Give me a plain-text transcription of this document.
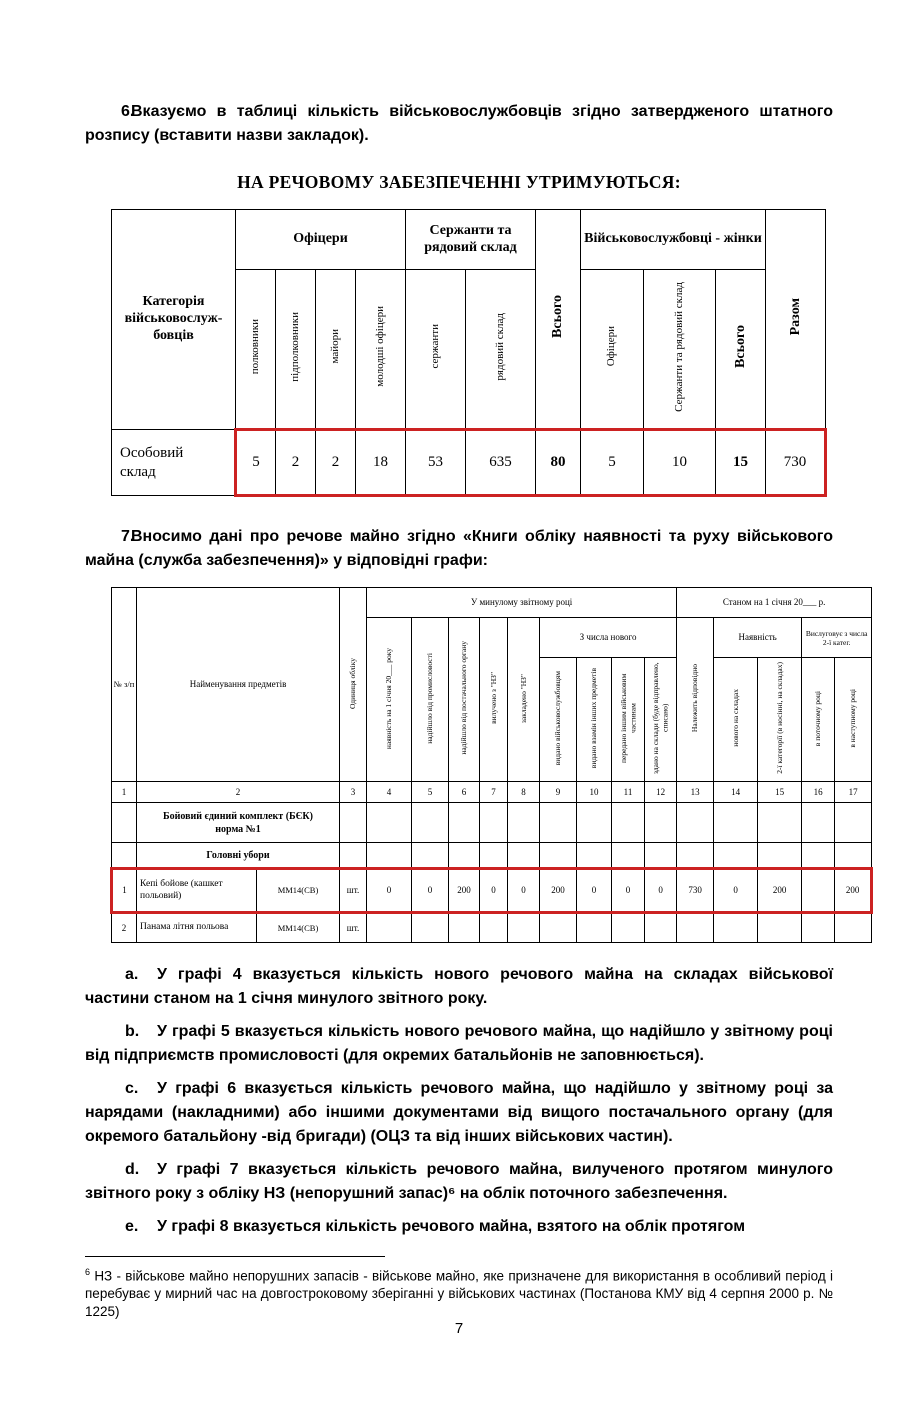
6.Вказуємо в таблиці кількість військовослужбовців згідно затвердженого штатного розпису (вставити назви закладок).

НА РЕЧОВОМУ ЗАБЕЗПЕЧЕННІ УТРИМУЮТЬСЯ:
Категорія військовослуж-бовців	Офіцери				Сержанти та рядовий склад		Всього	Військовослужбовці - жінки			Разом
	полковники	підполковники	майори	молодші офіцери	сержанти	рядовий склад		Офіцери	Сержанти та рядовий склад	Всього	
Особовий склад	5	2	2	18	53	635	80	5	10	15	730

7.Вносимо дані про речове майно згідно «Книги обліку наявності та руху військового майна (служба забезпечення)» у відповідні графи:

№ з/п	Найменування предметів		Одиниця обліку	У минулому звітному році									Станом на 1 січня 20___ р.				
				наявність на 1 січня 20___ року	надійшло від промисловості	надійшло від постачального органу	вилучено з "НЗ"	закладено "НЗ"	З числа нового				Належить відповідно	Наявність		Вислуговує з числа 2-ї катег.	
									видано військовослужбовцям	видано взамін інших предметів	передано іншим військовим частинам	здано на склади (буде відправлено, списано)		нового на складах	2-ї категорії (в носінні, на складах)	в поточному році	в наступному році
1	2		3	4	5	6	7	8	9	10	11	12	13	14	15	16	17

	Бойовий єдиний комплект (БЄК)
норма №1																

	Головні убори																
1	Кепі бойове (кашкет польовий)	ММ14(СВ)	шт.	0	0	200	0	0	200	0	0	0	730	0	200		200
2	Панама літня польова	ММ14(СВ)	шт.														

a. У графі 4 вказується кількість нового речового майна на складах військової частини станом на 1 січня минулого звітного року.

b. У графі 5 вказується кількість нового речового майна, що надійшло у звітному році від підприємств промисловості (для окремих батальйонів не заповнюється).

c. У графі 6 вказується кількість речового майна, що надійшло у звітному році за нарядами (накладними) або іншими документами від вищого постачального органу (для окремого батальйону -від бригади) (ОЦЗ та від інших військових частин).

d. У графі 7 вказується кількість речового майна, вилученого протягом минулого звітного року з обліку НЗ (непорушний запас)⁶ на облік поточного забезпечення.

e. У графі 8 вказується кількість речового майна, взятого на облік протягом

$^6$ НЗ - військове майно непорушних запасів - військове майно, яке призначене для використання в особливий період і перебуває у мирний час на довгостроковому зберіганні у військових частинах (Постанова КМУ від 4 серпня 2000 р. № 1225)

7
